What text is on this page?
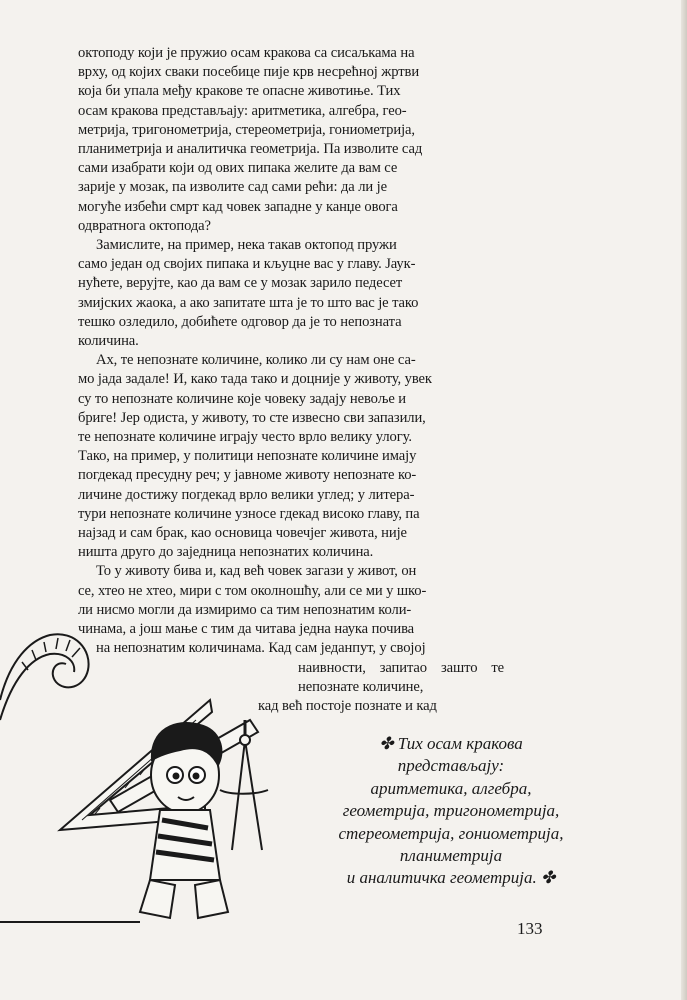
октоподу који је пружио осам кракова са сисаљкама на
врху, од којих сваки посебице пије крв несрећној жртви
која би упала међу кракове те опасне животиње. Тих
осам кракова представљају: аритметика, алгебра, гео-
метрија, тригонометрија, стереометрија, гониометрија,
планиметрија и аналитичка геометрија. Па изволите сад
сами изабрати који од ових пипака желите да вам се
зарије у мозак, па изволите сад сами рећи: да ли је
могуће избећи смрт кад човек западне у канџе овога
одвратнога октопода?

Замислите, на пример, нека такав октопод пружи
само један од својих пипака и кљуцне вас у главу. Јаук-
нућете, верујте, као да вам се у мозак зарило педесет
змијских жаока, а ако запитате шта је то што вас је тако
тешко озледило, добићете одговор да је то непозната
количина.

Ах, те непознате количине, колико ли су нам оне са-
мо јада задале! И, како тада тако и доцније у животу, увек
су то непознате количине које човеку задају невоље и
бриге! Јер одиста, у животу, то сте извесно сви запазили,
те непознате количине играју често врло велику улогу.
Тако, на пример, у политици непознате количине имају
погдекад пресудну реч; у јавноме животу непознате ко-
личине достижу погдекад врло велики углед; у литера-
тури непознате количине узносе гдекад високо главу, па
најзад и сам брак, као основица човечјег живота, није
ништа друго до заједница непознатих количина.

То у животу бива и, кад већ човек загази у живот, он
се, хтео не хтео, мири с том околношћу, али се ми у шко-
ли нисмо могли да измиримо са тим непознатим коли-
чинама, а још мање с тим да читава једна наука почива
на непознатим количинама. Кад сам једанпут, у својој
наивности, запитао зашто те непознате количине,
кад већ постоје познате и кад

✤ Тих осам кракова
представљају:
аритметика, алгебра,
геометрија, тригонометрија,
стереометрија, гониометрија,
планиметрија
и аналитичка геометрија. ✤
133
